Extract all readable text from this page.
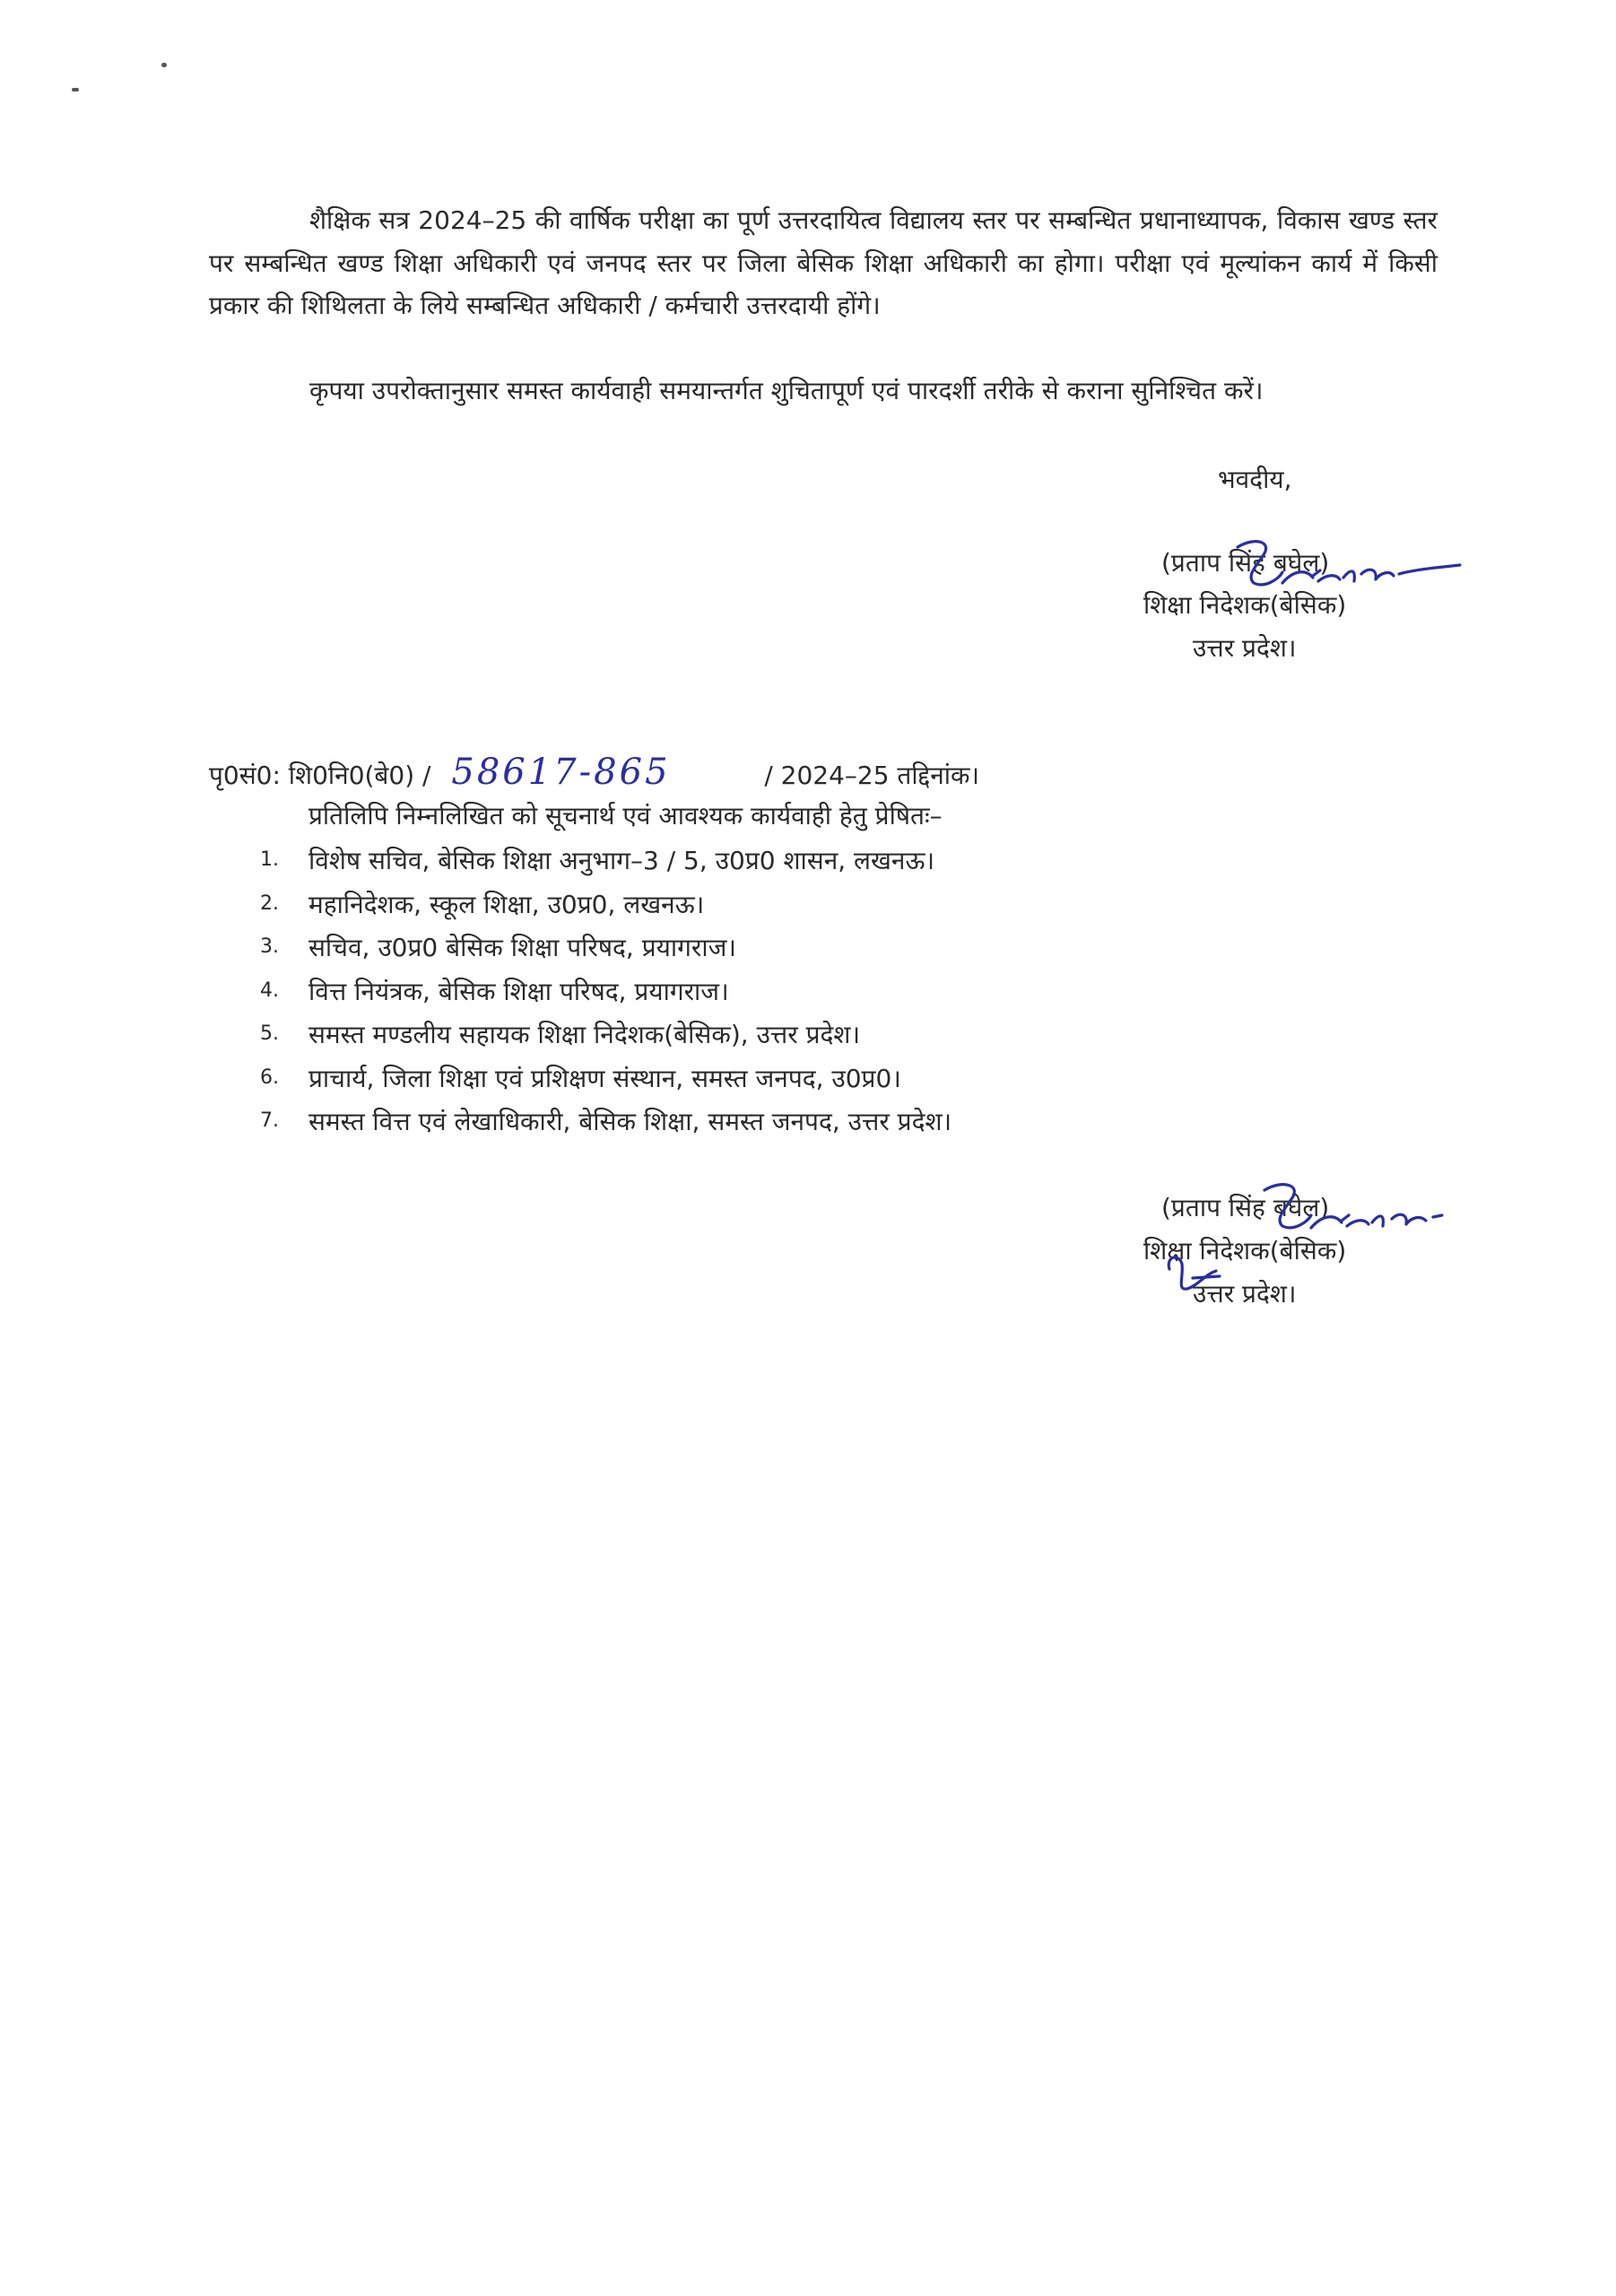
शैक्षिक सत्र 2024–25 की वार्षिक परीक्षा का पूर्ण उत्तरदायित्व विद्यालय स्तर पर सम्बन्धित प्रधानाध्यापक, विकास खण्ड स्तर पर सम्बन्धित खण्ड शिक्षा अधिकारी एवं जनपद स्तर पर जिला बेसिक शिक्षा अधिकारी का होगा। परीक्षा एवं मूल्यांकन कार्य में किसी प्रकार की शिथिलता के लिये सम्बन्धित अधिकारी / कर्मचारी उत्तरदायी होंगे।

कृपया उपरोक्तानुसार समस्त कार्यवाही समयान्तर्गत शुचितापूर्ण एवं पारदर्शी तरीके से कराना सुनिश्चित करें।

भवदीय,
(प्रताप सिंह बघेल)
शिक्षा निदेशक(बेसिक)
उत्तर प्रदेश।
पृ0सं0: शि0नि0(बे0) / 58617-865	/ 2024–25 तद्दिनांक।
प्रतिलिपि निम्नलिखित को सूचनार्थ एवं आवश्यक कार्यवाही हेतु प्रेषितः–
1.	विशेष सचिव, बेसिक शिक्षा अनुभाग–3 / 5, उ0प्र0 शासन, लखनऊ।
2.	महानिदेशक, स्कूल शिक्षा, उ0प्र0, लखनऊ।
3.	सचिव, उ0प्र0 बेसिक शिक्षा परिषद, प्रयागराज।
4.	वित्त नियंत्रक, बेसिक शिक्षा परिषद, प्रयागराज।
5.	समस्त मण्डलीय सहायक शिक्षा निदेशक(बेसिक), उत्तर प्रदेश।
6.	प्राचार्य, जिला शिक्षा एवं प्रशिक्षण संस्थान, समस्त जनपद, उ0प्र0।
7.	समस्त वित्त एवं लेखाधिकारी, बेसिक शिक्षा, समस्त जनपद, उत्तर प्रदेश।
(प्रताप सिंह बघेल)
शिक्षा निदेशक(बेसिक)
उत्तर प्रदेश।
